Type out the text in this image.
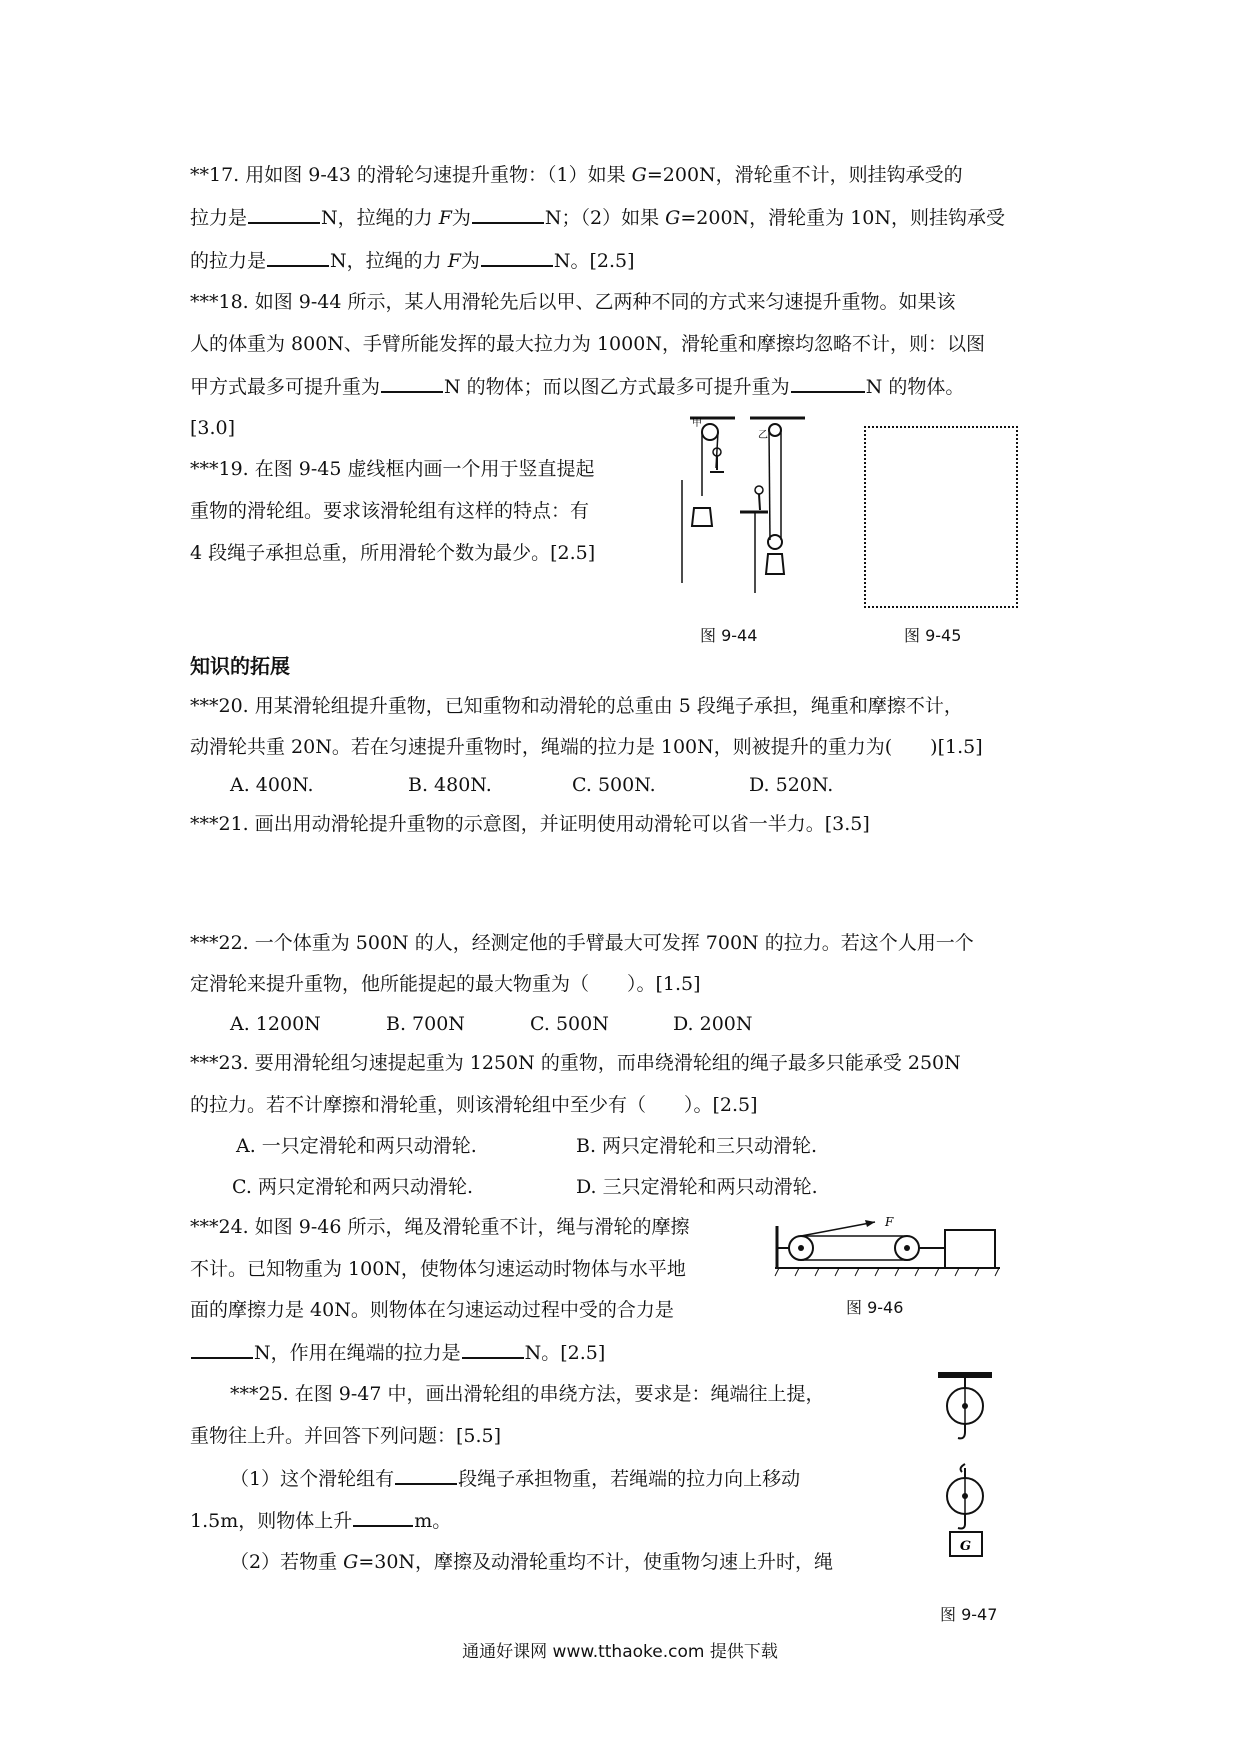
**17. 用如图 9-43 的滑轮匀速提升重物：（1）如果 G=200N，滑轮重不计，则挂钩承受的
拉力是	N，拉绳的力 F为	N；（2）如果 G=200N，滑轮重为 10N，则挂钩承受
的拉力是	N，拉绳的力 F为	N。[2.5]
***18. 如图 9-44 所示，某人用滑轮先后以甲、乙两种不同的方式来匀速提升重物。如果该
人的体重为 800N、手臂所能发挥的最大拉力为 1000N，滑轮重和摩擦均忽略不计，则：以图
甲方式最多可提升重为	N 的物体；而以图乙方式最多可提升重为	N 的物体。
[3.0]
***19. 在图 9-45 虚线框内画一个用于竖直提起
重物的滑轮组。要求该滑轮组有这样的特点：有
4 段绳子承担总重，所用滑轮个数为最少。[2.5]
甲
乙
图 9-44	图 9-45
知识的拓展
***20. 用某滑轮组提升重物，已知重物和动滑轮的总重由 5 段绳子承担，绳重和摩擦不计，
动滑轮共重 20N。若在匀速提升重物时，绳端的拉力是 100N，则被提升的重力为(　　)[1.5]
A. 400N.	B. 480N.	C. 500N.	D. 520N.
***21. 画出用动滑轮提升重物的示意图，并证明使用动滑轮可以省一半力。[3.5]
***22. 一个体重为 500N 的人，经测定他的手臂最大可发挥 700N 的拉力。若这个人用一个
定滑轮来提升重物，他所能提起的最大物重为（　　）。[1.5]
A. 1200N	B. 700N	C. 500N	D. 200N
***23. 要用滑轮组匀速提起重为 1250N 的重物，而串绕滑轮组的绳子最多只能承受 250N
的拉力。若不计摩擦和滑轮重，则该滑轮组中至少有（　　）。[2.5]
A. 一只定滑轮和两只动滑轮.	B. 两只定滑轮和三只动滑轮.
C. 两只定滑轮和两只动滑轮.	D. 三只定滑轮和两只动滑轮.
***24. 如图 9-46 所示，绳及滑轮重不计，绳与滑轮的摩擦
不计。已知物重为 100N，使物体匀速运动时物体与水平地
面的摩擦力是 40N。则物体在匀速运动过程中受的合力是
N，作用在绳端的拉力是	N。[2.5]
F
图 9-46
***25. 在图 9-47 中，画出滑轮组的串绕方法，要求是：绳端往上提，
重物往上升。并回答下列问题：[5.5]
（1）这个滑轮组有	段绳子承担物重，若绳端的拉力向上移动
1.5m，则物体上升	m。
（2）若物重 G=30N，摩擦及动滑轮重均不计，使重物匀速上升时，绳
G
图 9-47
通通好课网 www.tthaoke.com 提供下载
